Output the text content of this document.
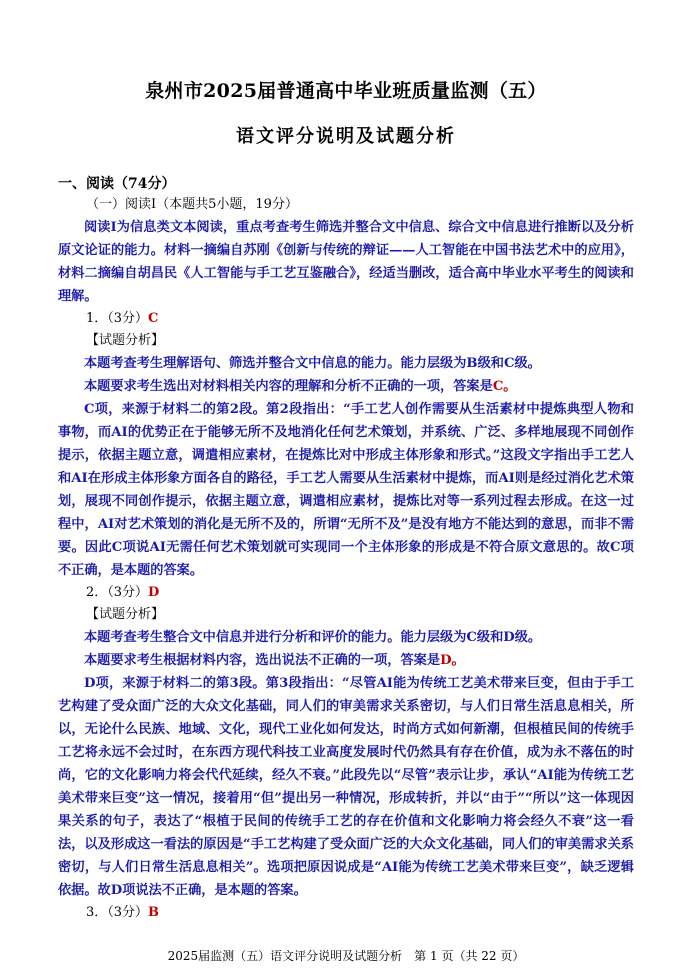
泉州市2025届普通高中毕业班质量监测（五）
语文评分说明及试题分析
一、阅读（74分）

（一）阅读Ⅰ（本题共5小题，19分）

阅读Ⅰ为信息类文本阅读，重点考查考生筛选并整合文中信息、综合文中信息进行推断以及分析原文论证的能力。材料一摘编自苏刚《创新与传统的辩证——人工智能在中国书法艺术中的应用》，材料二摘编自胡昌民《人工智能与手工艺互鉴融合》，经适当删改，适合高中毕业水平考生的阅读和理解。

1．（3分）C

【试题分析】

本题考查考生理解语句、筛选并整合文中信息的能力。能力层级为B级和C级。

本题要求考生选出对材料相关内容的理解和分析不正确的一项，答案是C。

C项，来源于材料二的第2段。第2段指出：“手工艺人创作需要从生活素材中提炼典型人物和事物，而AI的优势正在于能够无所不及地消化任何艺术策划，并系统、广泛、多样地展现不同创作提示，依据主题立意，调遣相应素材，在提炼比对中形成主体形象和形式。”这段文字指出手工艺人和AI在形成主体形象方面各自的路径，手工艺人需要从生活素材中提炼，而AI则是经过消化艺术策划，展现不同创作提示，依据主题立意，调遣相应素材，提炼比对等一系列过程去形成。在这一过程中，AI对艺术策划的消化是无所不及的，所谓“无所不及”是没有地方不能达到的意思，而非不需要。因此C项说AI无需任何艺术策划就可实现同一个主体形象的形成是不符合原文意思的。故C项不正确，是本题的答案。

2．（3分）D

【试题分析】

本题考查考生整合文中信息并进行分析和评价的能力。能力层级为C级和D级。

本题要求考生根据材料内容，选出说法不正确的一项，答案是D。

D项，来源于材料二的第3段。第3段指出：“尽管AI能为传统工艺美术带来巨变，但由于手工艺构建了受众面广泛的大众文化基础，同人们的审美需求关系密切，与人们日常生活息息相关，所以，无论什么民族、地域、文化，现代工业化如何发达，时尚方式如何新潮，但根植民间的传统手工艺将永远不会过时，在东西方现代科技工业高度发展时代仍然具有存在价值，成为永不落伍的时尚，它的文化影响力将会代代延续，经久不衰。”此段先以“尽管”表示让步，承认“AI能为传统工艺美术带来巨变”这一情况，接着用“但”提出另一种情况，形成转折，并以“由于”“所以”这一体现因果关系的句子，表达了“根植于民间的传统手工艺的存在价值和文化影响力将会经久不衰”这一看法，以及形成这一看法的原因是“手工艺构建了受众面广泛的大众文化基础，同人们的审美需求关系密切，与人们日常生活息息相关”。选项把原因说成是“AI能为传统工艺美术带来巨变”，缺乏逻辑依据。故D项说法不正确，是本题的答案。

3．（3分）B

2025届监测（五）语文评分说明及试题分析　第 1 页（共 22 页）
